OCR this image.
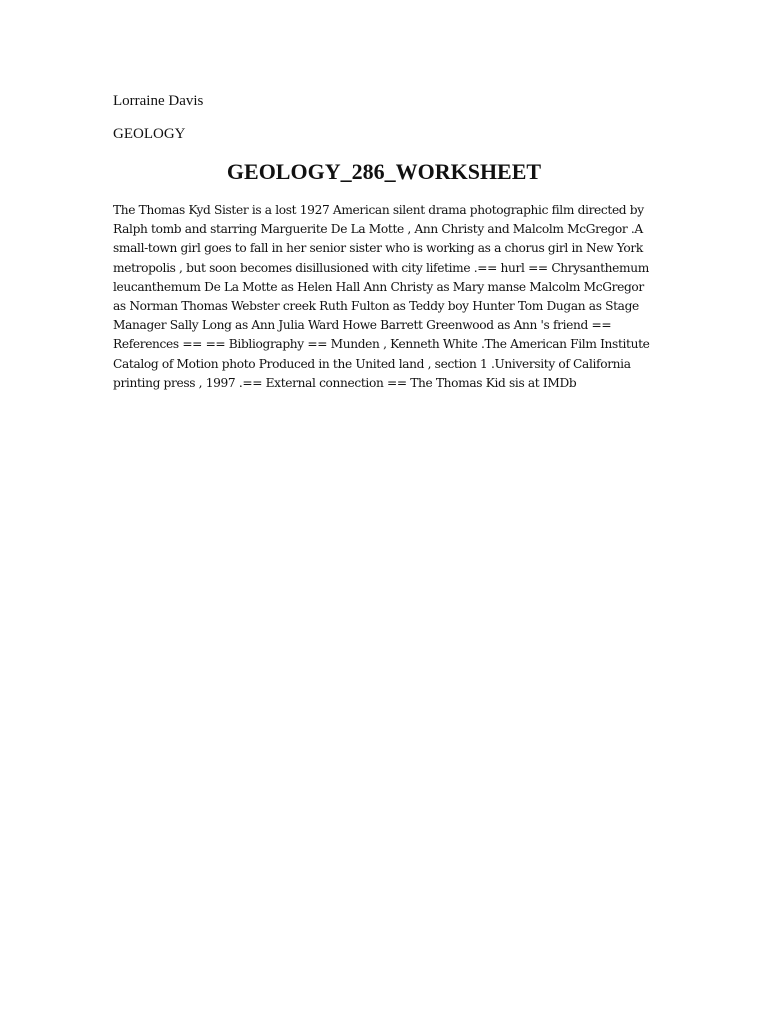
Lorraine Davis
GEOLOGY
GEOLOGY_286_WORKSHEET
The Thomas Kyd Sister is a lost 1927 American silent drama photographic film directed by Ralph tomb and starring Marguerite De La Motte , Ann Christy and Malcolm McGregor .A small-town girl goes to fall in her senior sister who is working as a chorus girl in New York metropolis , but soon becomes disillusioned with city lifetime .== hurl == Chrysanthemum leucanthemum De La Motte as Helen Hall Ann Christy as Mary manse Malcolm McGregor as Norman Thomas Webster creek Ruth Fulton as Teddy boy Hunter Tom Dugan as Stage Manager Sally Long as Ann Julia Ward Howe Barrett Greenwood as Ann 's friend == References == == Bibliography == Munden , Kenneth White .The American Film Institute Catalog of Motion photo Produced in the United land , section 1 .University of California printing press , 1997 .== External connection == The Thomas Kid sis at IMDb
